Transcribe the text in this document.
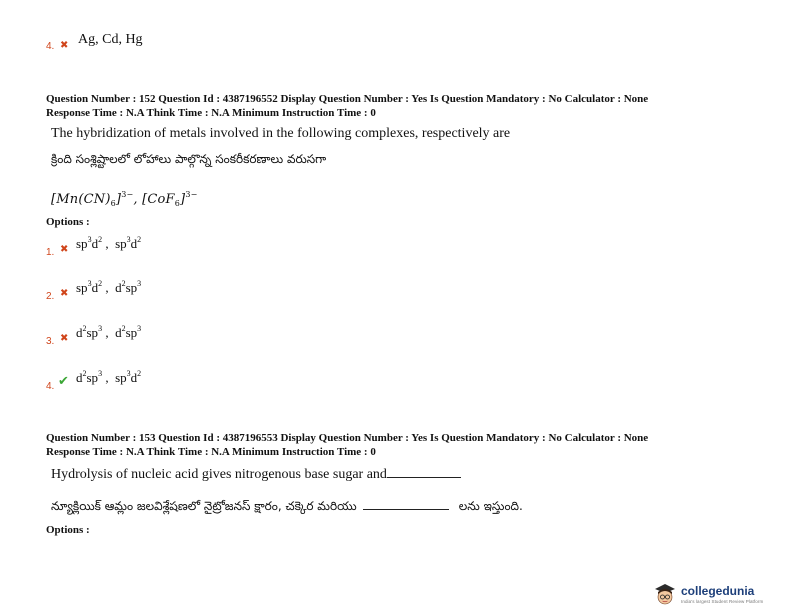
4. ✖ Ag, Cd, Hg
Question Number : 152 Question Id : 4387196552 Display Question Number : Yes Is Question Mandatory : No Calculator : None
Response Time : N.A Think Time : N.A Minimum Instruction Time : 0
The hybridization of metals involved in the following complexes, respectively are
క్రింది సంశ్లిష్టాలలో లోహాలు పాల్గొన్న సంకరీకరణాలు వరుసగా
$[Mn(CN)_6]^{3-}$, $[CoF_6]^{3-}$
Options :
1. ✖ $sp^3d^2$ ,  $sp^3d^2$
2. ✖ $sp^3d^2$ ,  $d^2sp^3$
3. ✖ $d^2sp^3$ ,  $d^2sp^3$
4. ✔ $d^2sp^3$ ,  $sp^3d^2$
Question Number : 153 Question Id : 4387196553 Display Question Number : Yes Is Question Mandatory : No Calculator : None
Response Time : N.A Think Time : N.A Minimum Instruction Time : 0
Hydrolysis of nucleic acid gives nitrogenous base sugar and
న్యూక్లియిక్ ఆమ్లం జలవిశ్లేషణలో నైట్రోజనస్ క్షారం, చక్కెర మరియు	లను ఇస్తుంది.
Options :
collegedunia
India's largest Student Review Platform
